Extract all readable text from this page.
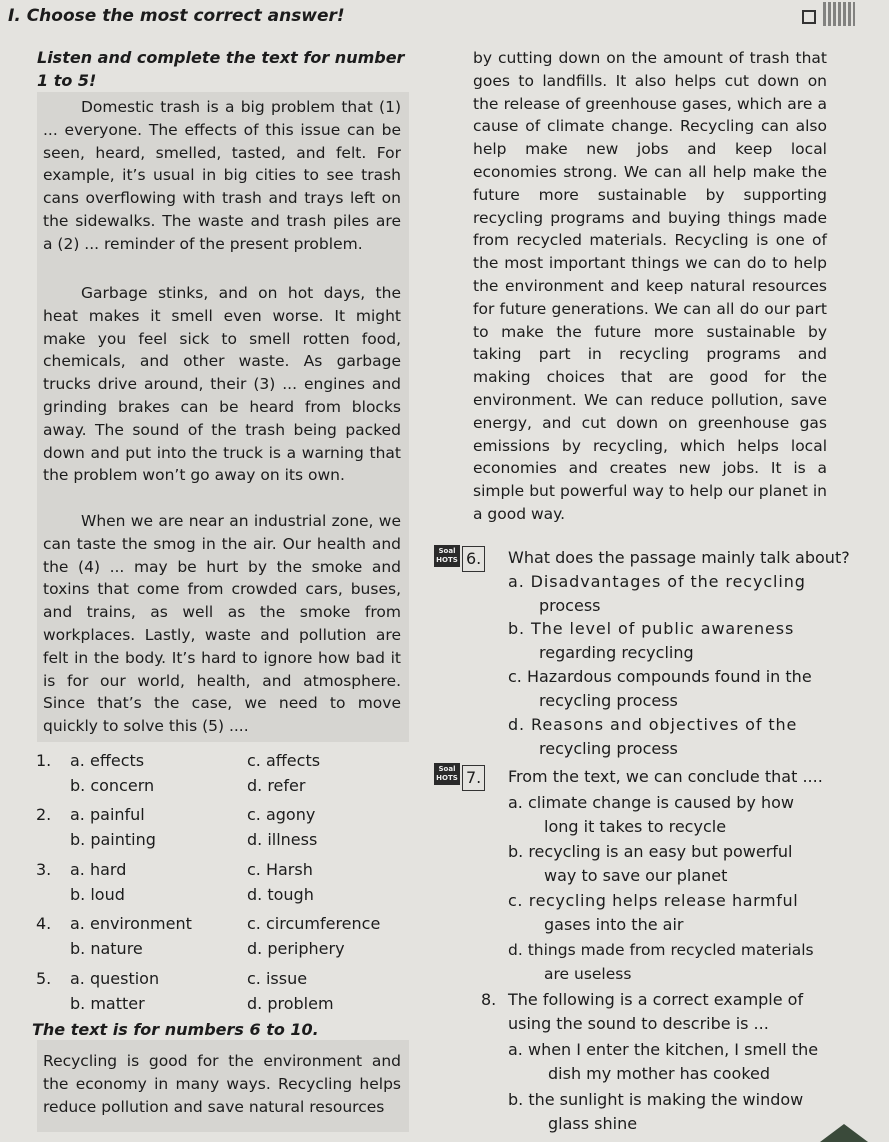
I. Choose the most correct answer!
Listen and complete the text for number
1 to 5!
Domestic trash is a big problem that (1) ... everyone. The effects of this issue can be seen, heard, smelled, tasted, and felt. For example, it’s usual in big cities to see trash cans overflowing with trash and trays left on the sidewalks. The waste and trash piles are a (2) ... reminder of the present problem.
Garbage stinks, and on hot days, the heat makes it smell even worse. It might make you feel sick to smell rotten food, chemicals, and other waste. As garbage trucks drive around, their (3) ... engines and grinding brakes can be heard from blocks away. The sound of the trash being packed down and put into the truck is a warning that the problem won’t go away on its own.
When we are near an industrial zone, we can taste the smog in the air. Our health and the (4) ... may be hurt by the smoke and toxins that come from crowded cars, buses, and trains, as well as the smoke from workplaces. Lastly, waste and pollution are felt in the body. It’s hard to ignore how bad it is for our world, health, and atmosphere. Since that’s the case, we need to move quickly to solve this (5) ....
1. a. effects
b. concern
c. affects
d. refer
2. a. painful
b. painting
c. agony
d. illness
3. a. hard
b. loud
c. Harsh
d. tough
4. a. environment
b. nature
c. circumference
d. periphery
5. a. question
b. matter
c. issue
d. problem
The text is for numbers 6 to 10.
Recycling is good for the environment and the economy in many ways. Recycling helps reduce pollution and save natural resources
by cutting down on the amount of trash that goes to landfills. It also helps cut down on the release of greenhouse gases, which are a cause of climate change. Recycling can also help make new jobs and keep local economies strong. We can all help make the future more sustainable by supporting recycling programs and buying things made from recycled materials. Recycling is one of the most important things we can do to help the environment and keep natural resources for future generations. We can all do our part to make the future more sustainable by taking part in recycling programs and making choices that are good for the environment. We can reduce pollution, save energy, and cut down on greenhouse gas emissions by recycling, which helps local economies and creates new jobs. It is a simple but powerful way to help our planet in a good way.
Soal HOTS 6. What does the passage mainly talk about?
a. Disadvantages of the recycling
process
b. The level of public awareness
regarding recycling
c. Hazardous compounds found in the
recycling process
d. Reasons and objectives of the
recycling process
Soal HOTS 7. From the text, we can conclude that ....
a. climate change is caused by how
long it takes to recycle
b. recycling is an easy but powerful
way to save our planet
c. recycling helps release harmful
gases into the air
d. things made from recycled materials
are useless
8. The following is a correct example of
using the sound to describe is ...
a. when I enter the kitchen, I smell the
dish my mother has cooked
b. the sunlight is making the window
glass shine
